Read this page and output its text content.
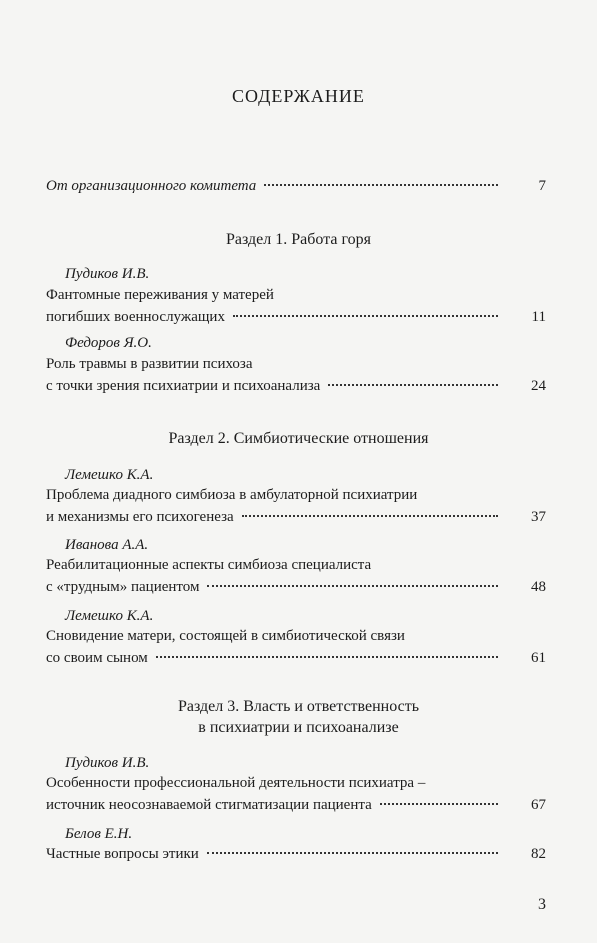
СОДЕРЖАНИЕ
От организационного комитета	7
Раздел 1. Работа горя
Пудиков И.В.
Фантомные переживания у матерей
погибших военнослужащих	11
Федоров Я.О.
Роль травмы в развитии психоза
с точки зрения психиатрии и психоанализа	24
Раздел 2. Симбиотические отношения
Лемешко К.А.
Проблема диадного симбиоза в амбулаторной психиатрии
и механизмы его психогенеза	37
Иванова А.А.
Реабилитационные аспекты симбиоза специалиста
с «трудным» пациентом	48
Лемешко К.А.
Сновидение матери, состоящей в симбиотической связи
со своим сыном	61
Раздел 3. Власть и ответственность
в психиатрии и психоанализе
Пудиков И.В.
Особенности профессиональной деятельности психиатра –
источник неосознаваемой стигматизации пациента	67
Белов Е.Н.
Частные вопросы этики	82
3
